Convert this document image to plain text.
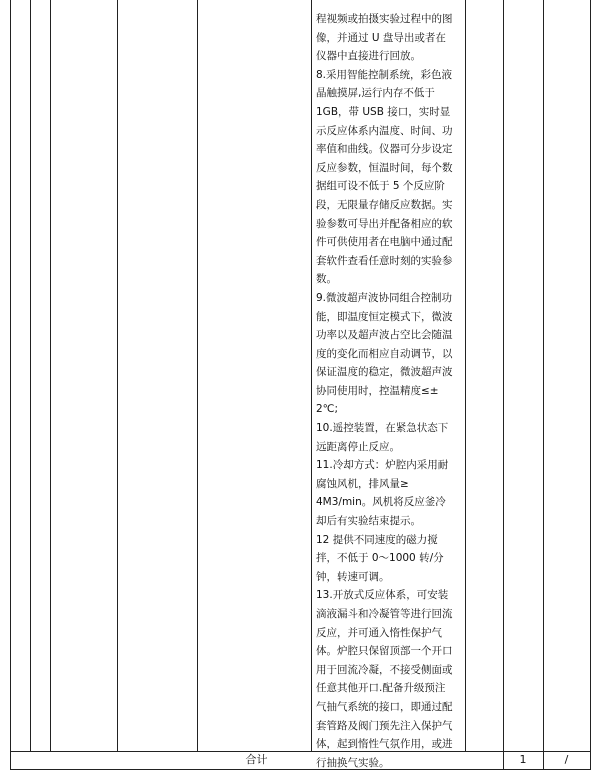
程视频或拍摄实验过程中的图
像，并通过 U 盘导出或者在
仪器中直接进行回放。

8.采用智能控制系统，彩色液
晶触摸屏,运行内存不低于
1GB，带 USB 接口，实时显
示反应体系内温度、时间、功
率值和曲线。仪器可分步设定
反应参数，恒温时间，每个数
据组可设不低于 5 个反应阶
段，无限量存储反应数据。实
验参数可导出并配备相应的软
件可供使用者在电脑中通过配
套软件查看任意时刻的实验参
数。

9.微波超声波协同组合控制功
能，即温度恒定模式下，微波
功率以及超声波占空比会随温
度的变化而相应自动调节，以
保证温度的稳定，微波超声波
协同使用时，控温精度≤±
2℃;

10.遥控装置，在紧急状态下
远距离停止反应。

11.冷却方式：炉腔内采用耐
腐蚀风机，排风量≥
4M3/min。风机将反应釜冷
却后有实验结束提示。

12 提供不同速度的磁力搅
拌，不低于 0～1000 转/分
钟，转速可调。

13.开放式反应体系，可安装
滴液漏斗和冷凝管等进行回流
反应，并可通入惰性保护气
体。炉腔只保留顶部一个开口
用于回流冷凝，不接受侧面或
任意其他开口.配备升级预注
气抽气系统的接口，即通过配
套管路及阀门预先注入保护气
体，起到惰性气氛作用，或进
行抽换气实验。

合计	1	/
